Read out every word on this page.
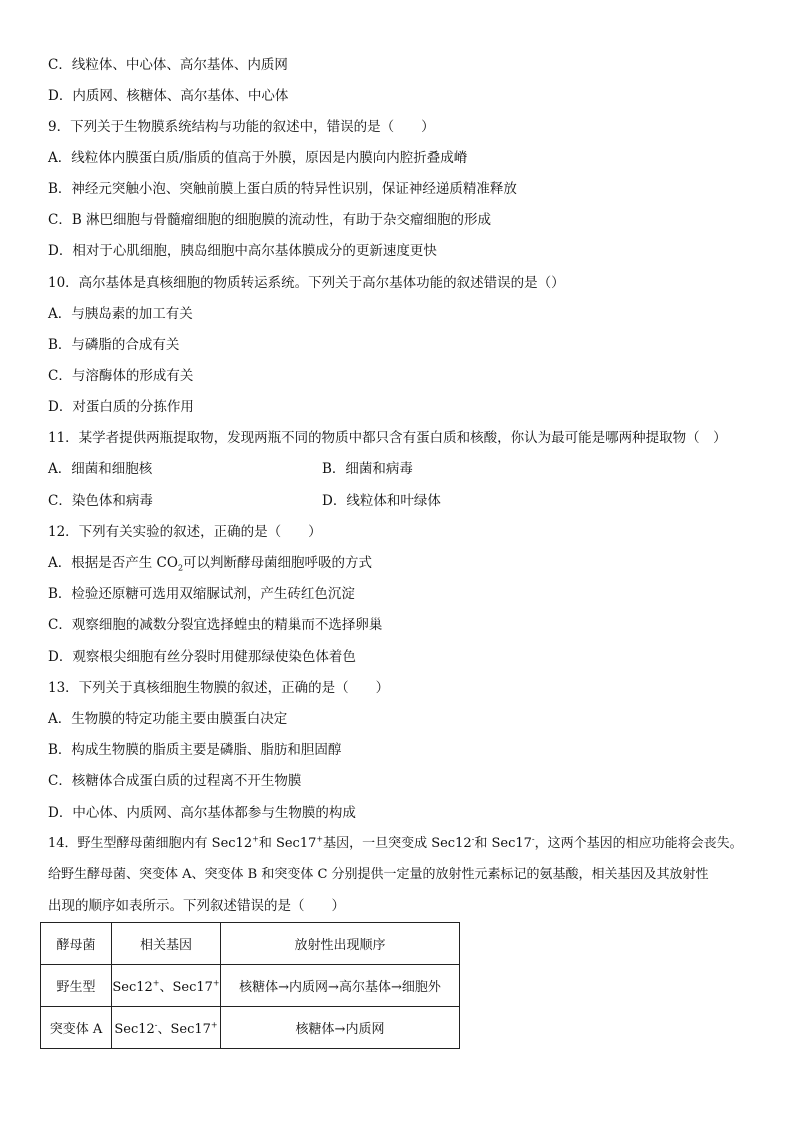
C．线粒体、中心体、高尔基体、内质网
D．内质网、核糖体、高尔基体、中心体
9．下列关于生物膜系统结构与功能的叙述中，错误的是（　　）
A．线粒体内膜蛋白质/脂质的值高于外膜，原因是内膜向内腔折叠成嵴
B．神经元突触小泡、突触前膜上蛋白质的特异性识别，保证神经递质精准释放
C．B 淋巴细胞与骨髓瘤细胞的细胞膜的流动性，有助于杂交瘤细胞的形成
D．相对于心肌细胞，胰岛细胞中高尔基体膜成分的更新速度更快
10．高尔基体是真核细胞的物质转运系统。下列关于高尔基体功能的叙述错误的是（）
A．与胰岛素的加工有关
B．与磷脂的合成有关
C．与溶酶体的形成有关
D．对蛋白质的分拣作用
11．某学者提供两瓶提取物，发现两瓶不同的物质中都只含有蛋白质和核酸，你认为最可能是哪两种提取物（　）
A．细菌和细胞核	B．细菌和病毒
C．染色体和病毒	D．线粒体和叶绿体
12．下列有关实验的叙述，正确的是（　　）
A．根据是否产生 $CO_2$可以判断酵母菌细胞呼吸的方式
B．检验还原糖可选用双缩脲试剂，产生砖红色沉淀
C．观察细胞的减数分裂宜选择蝗虫的精巢而不选择卵巢
D．观察根尖细胞有丝分裂时用健那绿使染色体着色
13．下列关于真核细胞生物膜的叙述，正确的是（　　）
A．生物膜的特定功能主要由膜蛋白决定
B．构成生物膜的脂质主要是磷脂、脂肪和胆固醇
C．核糖体合成蛋白质的过程离不开生物膜
D．中心体、内质网、高尔基体都参与生物膜的构成
14．野生型酵母菌细胞内有 Sec12+和 Sec17+基因，一旦突变成 Sec12-和 Sec17-，这两个基因的相应功能将会丧失。
给野生酵母菌、突变体 A、突变体 B 和突变体 C 分别提供一定量的放射性元素标记的氨基酸，相关基因及其放射性
出现的顺序如表所示。下列叙述错误的是（　　）
酵母菌	相关基因	放射性出现顺序
野生型	Sec12+、Sec17+	核糖体→内质网→高尔基体→细胞外
突变体 A	Sec12-、Sec17+	核糖体→内质网
